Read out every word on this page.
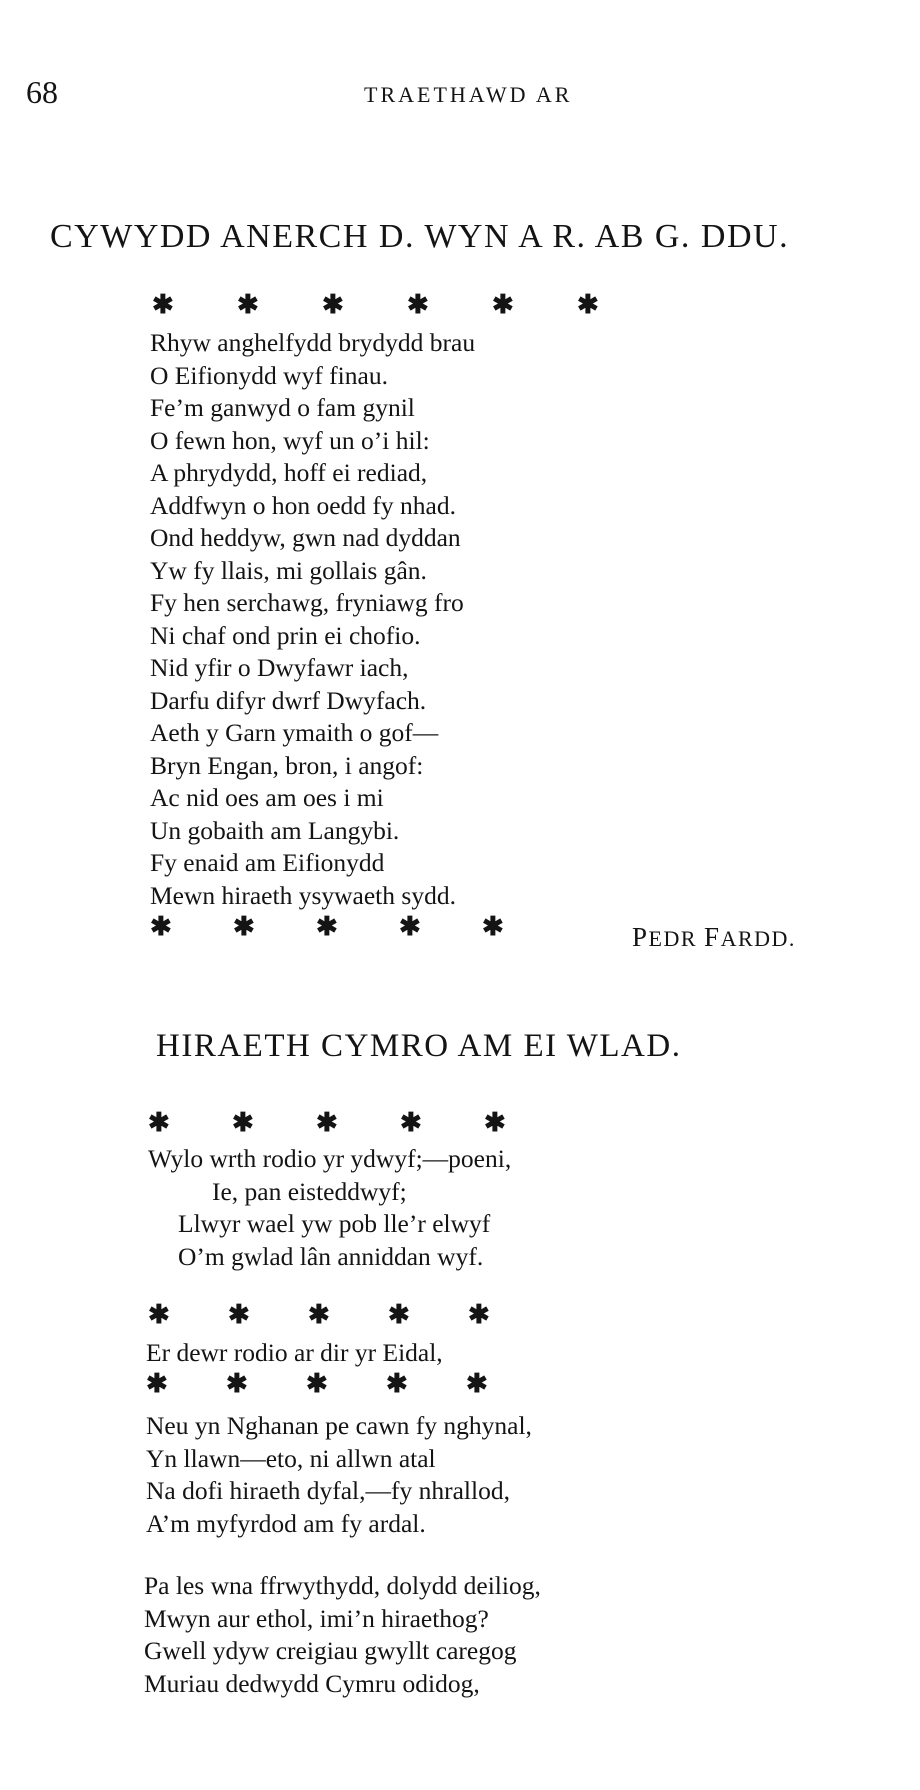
68	TRAETHAWD AR
CYWYDD ANERCH D. WYN A R. AB G. DDU.
✱ ✱ ✱ ✱ ✱ ✱
Rhyw anghelfydd brydydd brau
O Eifionydd wyf finau.
Fe’m ganwyd o fam gynil
O fewn hon, wyf un o’i hil:
A phrydydd, hoff ei rediad,
Addfwyn o hon oedd fy nhad.
Ond heddyw, gwn nad dyddan
Yw fy llais, mi gollais gân.
Fy hen serchawg, fryniawg fro
Ni chaf ond prin ei chofio.
Nid yfir o Dwyfawr iach,
Darfu difyr dwrf Dwyfach.
Aeth y Garn ymaith o gof—
Bryn Engan, bron, i angof:
Ac nid oes am oes i mi
Un gobaith am Langybi.
Fy enaid am Eifionydd
Mewn hiraeth ysywaeth sydd.
✱ ✱ ✱ ✱ ✱	PEDR FARDD.
HIRAETH CYMRO AM EI WLAD.
✱ ✱ ✱ ✱ ✱
Wylo wrth rodio yr ydwyf;—poeni,
Ie, pan eisteddwyf;
Llwyr wael yw pob lle’r elwyf
O’m gwlad lân anniddan wyf.
✱ ✱ ✱ ✱ ✱
Er dewr rodio ar dir yr Eidal,
✱ ✱ ✱ ✱ ✱
Neu yn Nghanan pe cawn fy nghynal,
Yn llawn—eto, ni allwn atal
Na dofi hiraeth dyfal,—fy nhrallod,
A’m myfyrdod am fy ardal.
Pa les wna ffrwythydd, dolydd deiliog,
Mwyn aur ethol, imi’n hiraethog?
Gwell ydyw creigiau gwyllt caregog
Muriau dedwydd Cymru odidog,
